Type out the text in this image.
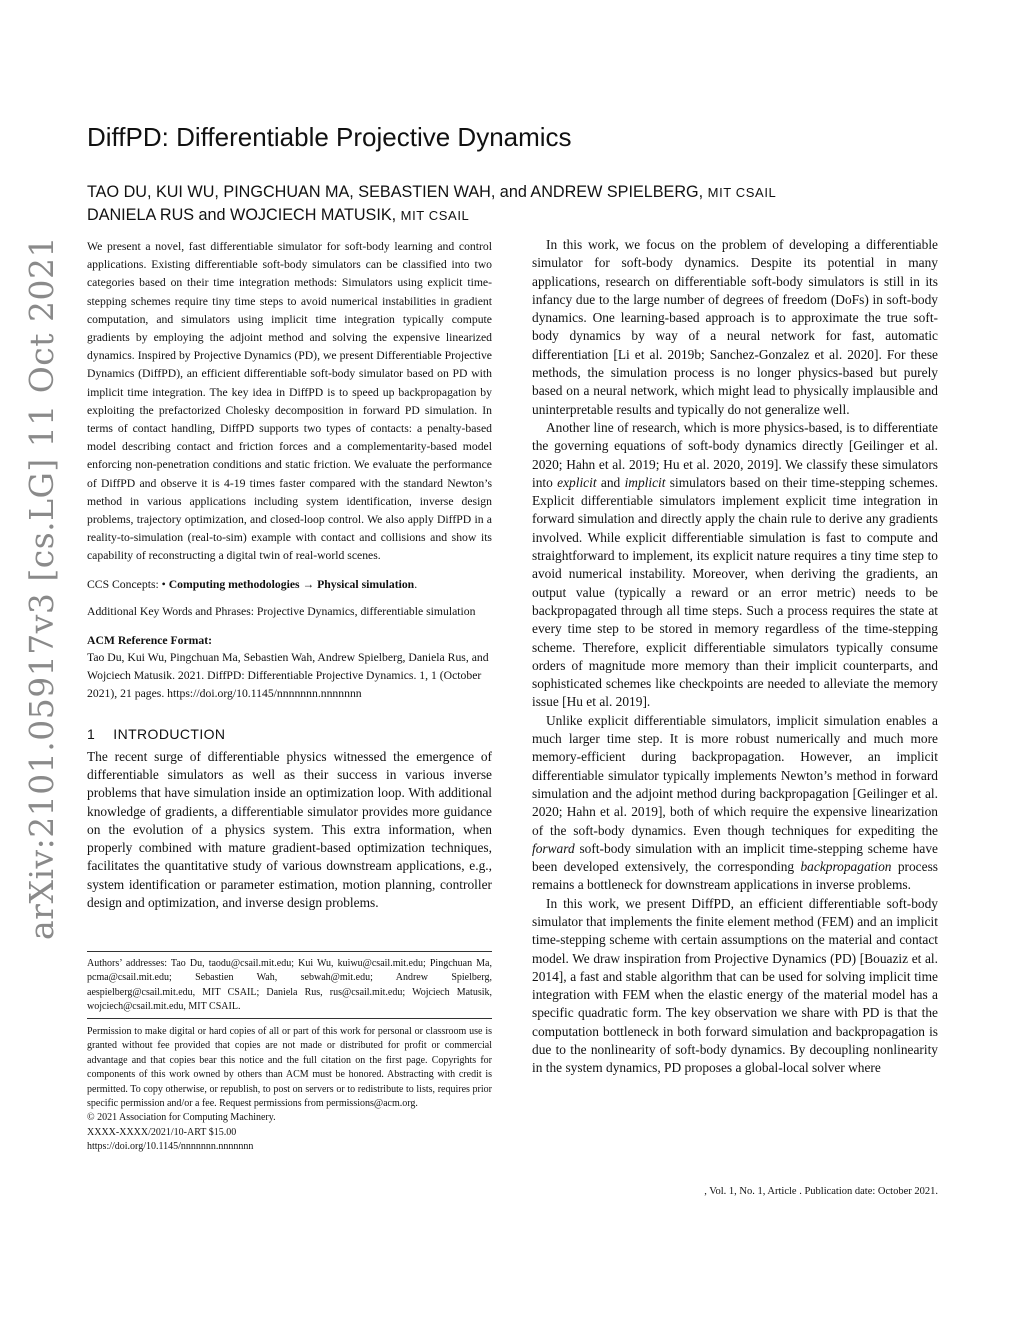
arXiv:2101.05917v3 [cs.LG] 11 Oct 2021
DiffPD: Differentiable Projective Dynamics
TAO DU, KUI WU, PINGCHUAN MA, SEBASTIEN WAH, and ANDREW SPIELBERG, MIT CSAIL
DANIELA RUS and WOJCIECH MATUSIK, MIT CSAIL

We present a novel, fast differentiable simulator for soft-body learning and control applications. Existing differentiable soft-body simulators can be classified into two categories based on their time integration methods: Simulators using explicit time-stepping schemes require tiny time steps to avoid numerical instabilities in gradient computation, and simulators using implicit time integration typically compute gradients by employing the adjoint method and solving the expensive linearized dynamics. Inspired by Projective Dynamics (PD), we present Differentiable Projective Dynamics (DiffPD), an efficient differentiable soft-body simulator based on PD with implicit time integration. The key idea in DiffPD is to speed up backpropagation by exploiting the prefactorized Cholesky decomposition in forward PD simulation. In terms of contact handling, DiffPD supports two types of contacts: a penalty-based model describing contact and friction forces and a complementarity-based model enforcing non-penetration conditions and static friction. We evaluate the performance of DiffPD and observe it is 4-19 times faster compared with the standard Newton’s method in various applications including system identification, inverse design problems, trajectory optimization, and closed-loop control. We also apply DiffPD in a reality-to-simulation (real-to-sim) example with contact and collisions and show its capability of reconstructing a digital twin of real-world scenes.

CCS Concepts: • Computing methodologies → Physical simulation.

Additional Key Words and Phrases: Projective Dynamics, differentiable simulation

ACM Reference Format:

Tao Du, Kui Wu, Pingchuan Ma, Sebastien Wah, Andrew Spielberg, Daniela Rus, and Wojciech Matusik. 2021. DiffPD: Differentiable Projective Dynamics. 1, 1 (October 2021), 21 pages. https://doi.org/10.1145/nnnnnnn.nnnnnnn

1 INTRODUCTION

The recent surge of differentiable physics witnessed the emergence of differentiable simulators as well as their success in various inverse problems that have simulation inside an optimization loop. With additional knowledge of gradients, a differentiable simulator provides more guidance on the evolution of a physics system. This extra information, when properly combined with mature gradient-based optimization techniques, facilitates the quantitative study of various downstream applications, e.g., system identification or parameter estimation, motion planning, controller design and optimization, and inverse design problems.

Authors’ addresses: Tao Du, taodu@csail.mit.edu; Kui Wu, kuiwu@csail.mit.edu; Pingchuan Ma, pcma@csail.mit.edu; Sebastien Wah, sebwah@mit.edu; Andrew Spielberg, aespielberg@csail.mit.edu, MIT CSAIL; Daniela Rus, rus@csail.mit.edu; Wojciech Matusik, wojciech@csail.mit.edu, MIT CSAIL.

Permission to make digital or hard copies of all or part of this work for personal or classroom use is granted without fee provided that copies are not made or distributed for profit or commercial advantage and that copies bear this notice and the full citation on the first page. Copyrights for components of this work owned by others than ACM must be honored. Abstracting with credit is permitted. To copy otherwise, or republish, to post on servers or to redistribute to lists, requires prior specific permission and/or a fee. Request permissions from permissions@acm.org.

© 2021 Association for Computing Machinery.

XXXX-XXXX/2021/10-ART $15.00

https://doi.org/10.1145/nnnnnnn.nnnnnnn

In this work, we focus on the problem of developing a differentiable simulator for soft-body dynamics. Despite its potential in many applications, research on differentiable soft-body simulators is still in its infancy due to the large number of degrees of freedom (DoFs) in soft-body dynamics. One learning-based approach is to approximate the true soft-body dynamics by way of a neural network for fast, automatic differentiation [Li et al. 2019b; Sanchez-Gonzalez et al. 2020]. For these methods, the simulation process is no longer physics-based but purely based on a neural network, which might lead to physically implausible and uninterpretable results and typically do not generalize well.

Another line of research, which is more physics-based, is to differentiate the governing equations of soft-body dynamics directly [Geilinger et al. 2020; Hahn et al. 2019; Hu et al. 2020, 2019]. We classify these simulators into explicit and implicit simulators based on their time-stepping schemes. Explicit differentiable simulators implement explicit time integration in forward simulation and directly apply the chain rule to derive any gradients involved. While explicit differentiable simulation is fast to compute and straightforward to implement, its explicit nature requires a tiny time step to avoid numerical instability. Moreover, when deriving the gradients, an output value (typically a reward or an error metric) needs to be backpropagated through all time steps. Such a process requires the state at every time step to be stored in memory regardless of the time-stepping scheme. Therefore, explicit differentiable simulators typically consume orders of magnitude more memory than their implicit counterparts, and sophisticated schemes like checkpoints are needed to alleviate the memory issue [Hu et al. 2019].

Unlike explicit differentiable simulators, implicit simulation enables a much larger time step. It is more robust numerically and much more memory-efficient during backpropagation. However, an implicit differentiable simulator typically implements Newton’s method in forward simulation and the adjoint method during backpropagation [Geilinger et al. 2020; Hahn et al. 2019], both of which require the expensive linearization of the soft-body dynamics. Even though techniques for expediting the forward soft-body simulation with an implicit time-stepping scheme have been developed extensively, the corresponding backpropagation process remains a bottleneck for downstream applications in inverse problems.

In this work, we present DiffPD, an efficient differentiable soft-body simulator that implements the finite element method (FEM) and an implicit time-stepping scheme with certain assumptions on the material and contact model. We draw inspiration from Projective Dynamics (PD) [Bouaziz et al. 2014], a fast and stable algorithm that can be used for solving implicit time integration with FEM when the elastic energy of the material model has a specific quadratic form. The key observation we share with PD is that the computation bottleneck in both forward simulation and backpropagation is due to the nonlinearity of soft-body dynamics. By decoupling nonlinearity in the system dynamics, PD proposes a global-local solver where

, Vol. 1, No. 1, Article . Publication date: October 2021.
